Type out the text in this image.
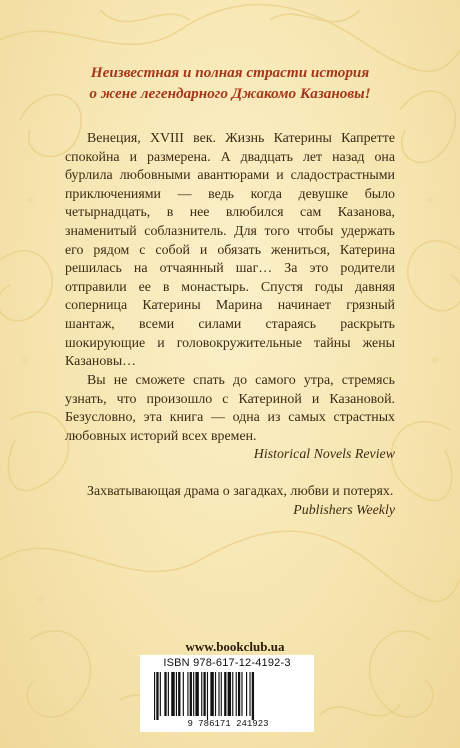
Неизвестная и полная страсти история
о жене легендарного Джакомо Казановы!

Венеция, XVIII век. Жизнь Катерины Капретте спокойна и размерена. А двадцать лет назад она бурлила любовными авантюрами и сладострастными приключениями — ведь когда девушке было четырнадцать, в нее влюбился сам Казанова, знаменитый соблазнитель. Для того чтобы удержать его рядом с собой и обязать жениться, Катерина решилась на отчаянный шаг… За это родители отправили ее в монастырь. Спустя годы давняя соперница Катерины Марина начинает грязный шантаж, всеми силами стараясь раскрыть шокирующие и головокружительные тайны жены Казановы…

Вы не сможете спать до самого утра, стремясь узнать, что произошло с Катериной и Казановой. Безусловно, эта книга — одна из самых страстных любовных историй всех времен.

Historical Novels Review

Захватывающая драма о загадках, любви и потерях.

Publishers Weekly
www.bookclub.ua
ISBN 978-617-12-4192-3
9 786171 241923
